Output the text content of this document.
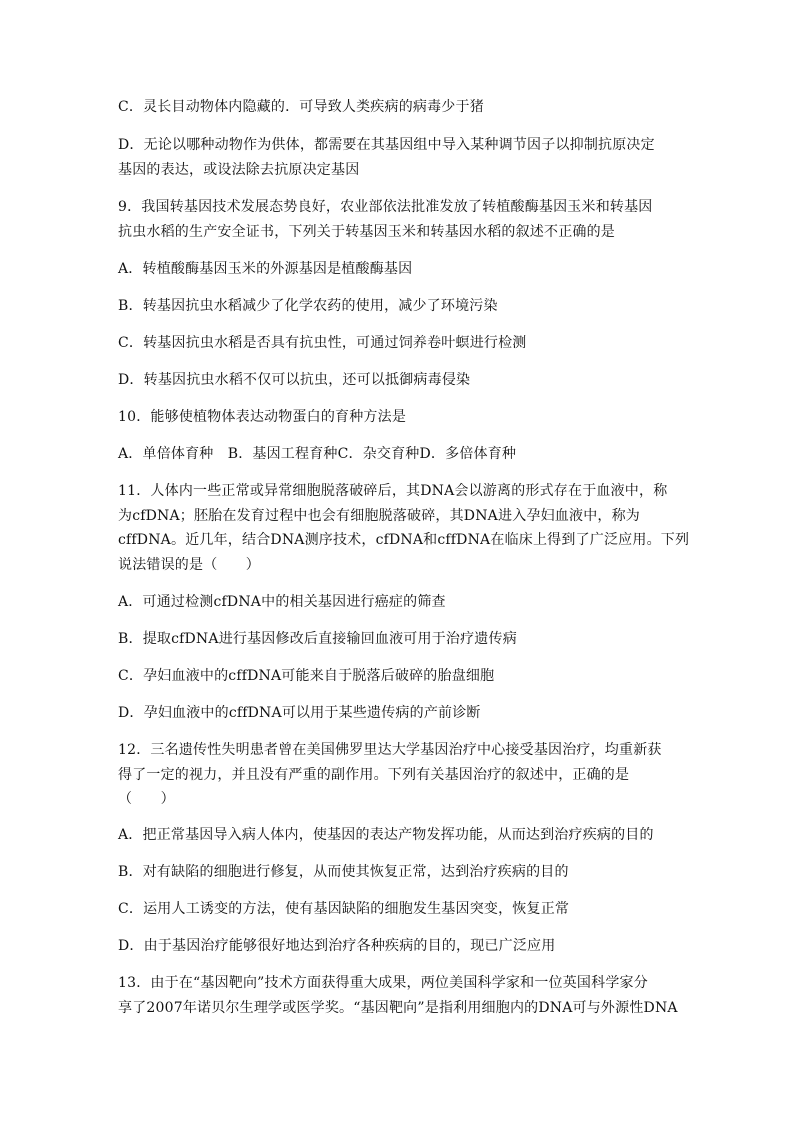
C．灵长目动物体内隐藏的．可导致人类疾病的病毒少于猪
D．无论以哪种动物作为供体，都需要在其基因组中导入某种调节因子以抑制抗原决定
基因的表达，或设法除去抗原决定基因
9．我国转基因技术发展态势良好，农业部依法批准发放了转植酸酶基因玉米和转基因
抗虫水稻的生产安全证书，下列关于转基因玉米和转基因水稻的叙述不正确的是
A．转植酸酶基因玉米的外源基因是植酸酶基因
B．转基因抗虫水稻减少了化学农药的使用，减少了环境污染
C．转基因抗虫水稻是否具有抗虫性，可通过饲养卷叶螟进行检测
D．转基因抗虫水稻不仅可以抗虫，还可以抵御病毒侵染
10．能够使植物体表达动物蛋白的育种方法是
A．单倍体育种　B．基因工程育种C．杂交育种D．多倍体育种
11．人体内一些正常或异常细胞脱落破碎后，其DNA会以游离的形式存在于血液中，称
为cfDNA；胚胎在发育过程中也会有细胞脱落破碎，其DNA进入孕妇血液中，称为
cffDNA。近几年，结合DNA测序技术，cfDNA和cffDNA在临床上得到了广泛应用。下列
说法错误的是（　　）
A．可通过检测cfDNA中的相关基因进行癌症的筛查
B．提取cfDNA进行基因修改后直接输回血液可用于治疗遗传病
C．孕妇血液中的cffDNA可能来自于脱落后破碎的胎盘细胞
D．孕妇血液中的cffDNA可以用于某些遗传病的产前诊断
12．三名遗传性失明患者曾在美国佛罗里达大学基因治疗中心接受基因治疗，均重新获
得了一定的视力，并且没有严重的副作用。下列有关基因治疗的叙述中，正确的是
（　　）
A．把正常基因导入病人体内，使基因的表达产物发挥功能，从而达到治疗疾病的目的
B．对有缺陷的细胞进行修复，从而使其恢复正常，达到治疗疾病的目的
C．运用人工诱变的方法，使有基因缺陷的细胞发生基因突变，恢复正常
D．由于基因治疗能够很好地达到治疗各种疾病的目的，现已广泛应用
13．由于在“基因靶向”技术方面获得重大成果，两位美国科学家和一位英国科学家分
享了2007年诺贝尔生理学或医学奖。“基因靶向”是指利用细胞内的DNA可与外源性DNA
